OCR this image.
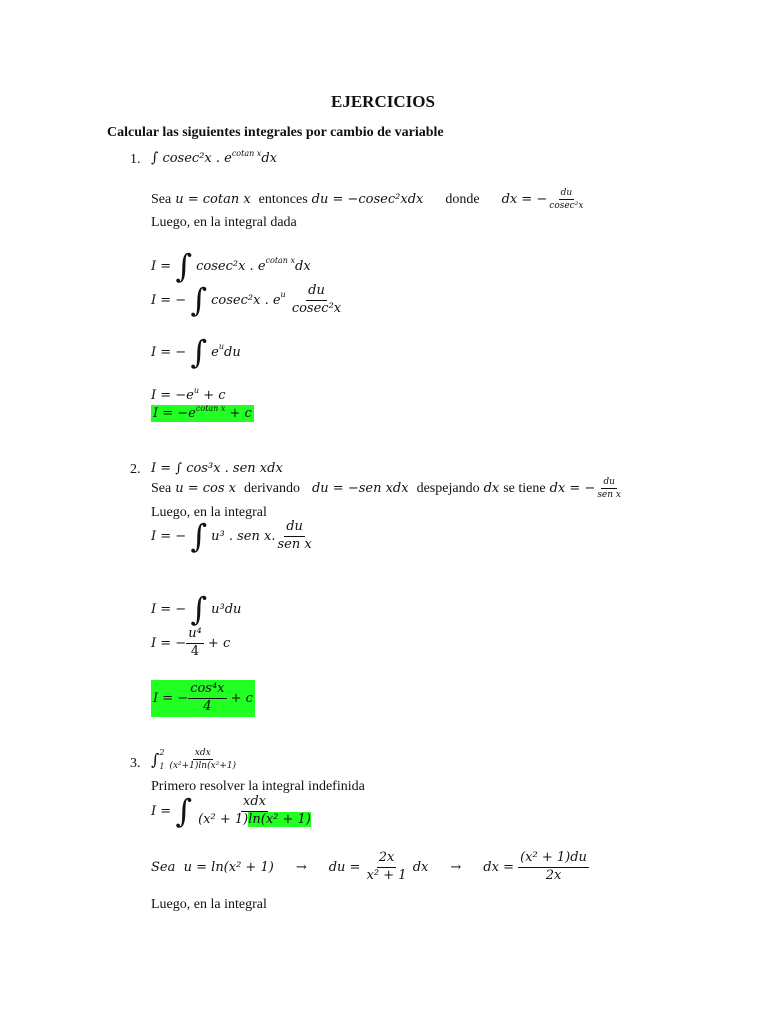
EJERCICIOS
Calcular las siguientes integrales por cambio de variable
1. ∫ cosec²x . $e^{cotan x}dx$
Sea
u = cotan x
entonces
du = −cosec²xdx donde dx = − $\frac{du}{\text{cosec²x}}$
Luego, en la integral dada
I =
∫
cosec²x . e cotan x dx
I = −
∫
cosec²x . e u
$\frac{du}{\text{cosec²x}}$
I = −
∫
e u du
$I = -e^u + c$
$I = -e^{cotan x} + c$
2. I = ∫ cos³x . sen xdx
Sea
u = cos x
derivando du = −sen xdx
despejando
dx
se tiene
dx = − $\frac{du}{\text{sen x}}$
Luego, en la integral
I = −
∫
u³ . sen x. $\frac{du}{\text{sen x}}$
I = −
∫
u³du
I = − $\frac{\text{u⁴}}{4}$
+ c
I = − $\frac{\text{cos⁴x}}{4}$
+ c
3. ∫ 2
$1 \frac{\text{xdx}}{\text{(x²+1)ln(x²+1)}}$
Primero resolver la integral indefinida
I =
∫
$\frac{\text{xdx}}{\text{(x² + 1)ln(x² + 1)}}$
Sea
u = ln(x² + 1) → du =
$\frac{2x}{\text{x² + 1}}$
dx → dx =
$\frac{\text{(x² + 1)du}}{2x}$
Luego, en la integral
